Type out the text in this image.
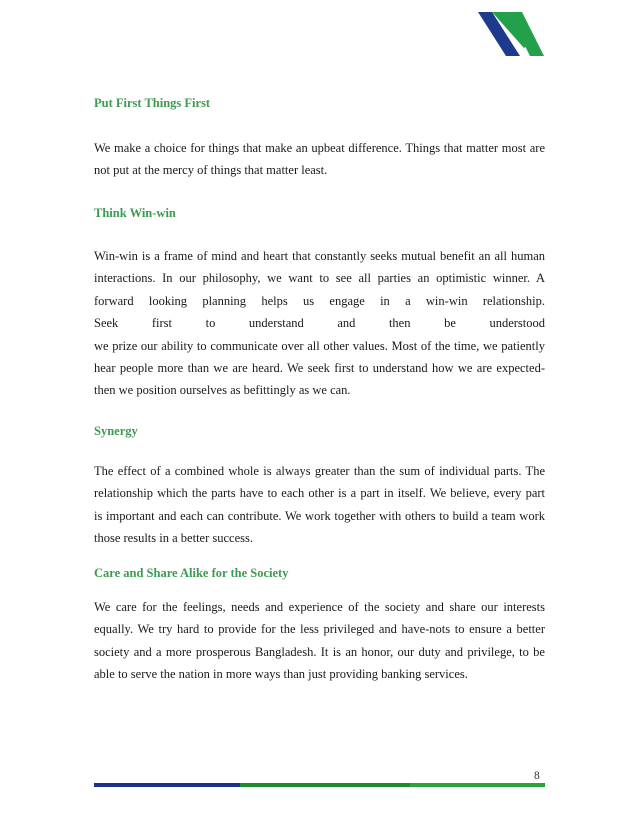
Put First Things First
We make a choice for things that make an upbeat difference. Things that matter most are
not put at the mercy of things that matter least.
Think Win-win
Win-win is a frame of mind and heart that constantly seeks mutual benefit an all human
interactions. In our philosophy, we want to see all parties an optimistic winner. A
forward looking planning helps us engage in a win-win relationship.
Seek first to understand and then be understood
we prize our ability to communicate over all other values. Most of the time, we patiently
hear people more than we are heard. We seek first to understand how we are expected-
then we position ourselves as befittingly as we can.
Synergy
The effect of a combined whole is always greater than the sum of individual parts. The
relationship which the parts have to each other is a part in itself. We believe, every part
is important and each can contribute. We work together with others to build a team work
those results in a better success.
Care and Share Alike for the Society
We care for the feelings, needs and experience of the society and share our interests
equally. We try hard to provide for the less privileged and have-nots to ensure a better
society and a more prosperous Bangladesh. It is an honor, our duty and privilege, to be
able to serve the nation in more ways than just providing banking services.
8
